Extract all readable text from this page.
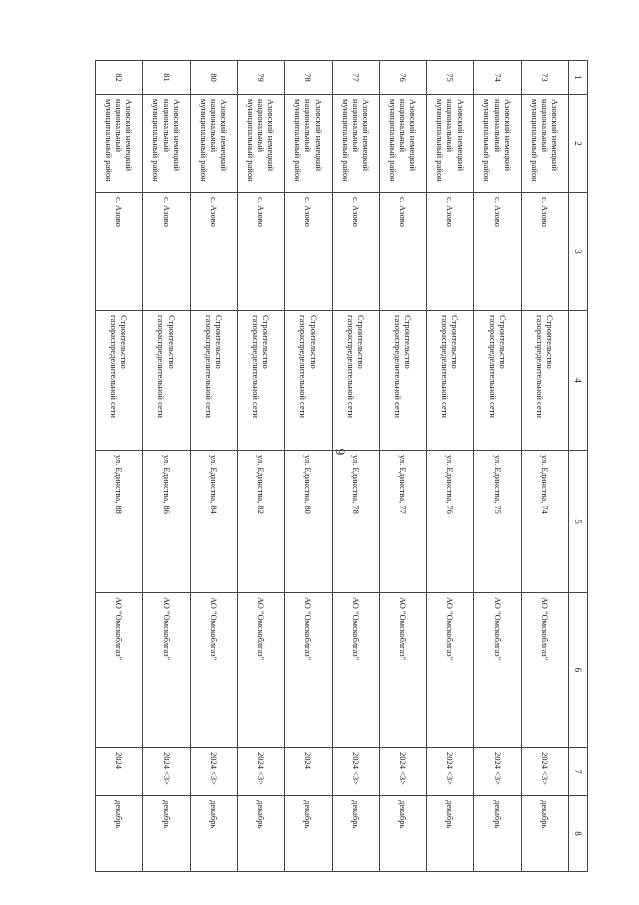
9
1	2	3	4	5	6	7	8
73	Азовский немецкий национальный муниципальный район	с. Азово	Строительство газораспределительной сети	ул. Единства, 74	АО "Омскоблгаз"	2024 <3>	декабрь
74	Азовский немецкий национальный муниципальный район	с. Азово	Строительство газораспределительной сети	ул. Единства, 75	АО "Омскоблгаз"	2024 <3>	декабрь
75	Азовский немецкий национальный муниципальный район	с. Азово	Строительство газораспределительной сети	ул. Единства, 76	АО "Омскоблгаз"	2024 <3>	декабрь
76	Азовский немецкий национальный муниципальный район	с. Азово	Строительство газораспределительной сети	ул. Единства, 77	АО "Омскоблгаз"	2024 <3>	декабрь
77	Азовский немецкий национальный муниципальный район	с. Азово	Строительство газораспределительной сети	ул. Единства, 78	АО "Омскоблгаз"	2024 <3>	декабрь
78	Азовский немецкий национальный муниципальный район	с. Азово	Строительство газораспределительной сети	ул. Единства, 80	АО "Омскоблгаз"	2024	декабрь
79	Азовский немецкий национальный муниципальный район	с. Азово	Строительство газораспределительной сети	ул. Единства, 82	АО "Омскоблгаз"	2024 <3>	декабрь
80	Азовский немецкий национальный муниципальный район	с. Азово	Строительство газораспределительной сети	ул. Единства, 84	АО "Омскоблгаз"	2024 <3>	декабрь
81	Азовский немецкий национальный муниципальный район	с. Азово	Строительство газораспределительной сети	ул. Единства, 86	АО "Омскоблгаз"	2024 <3>	декабрь
82	Азовский немецкий национальный муниципальный район	с. Азово	Строительство газораспределительной сети	ул. Единства, 88	АО "Омскоблгаз"	2024	декабрь
